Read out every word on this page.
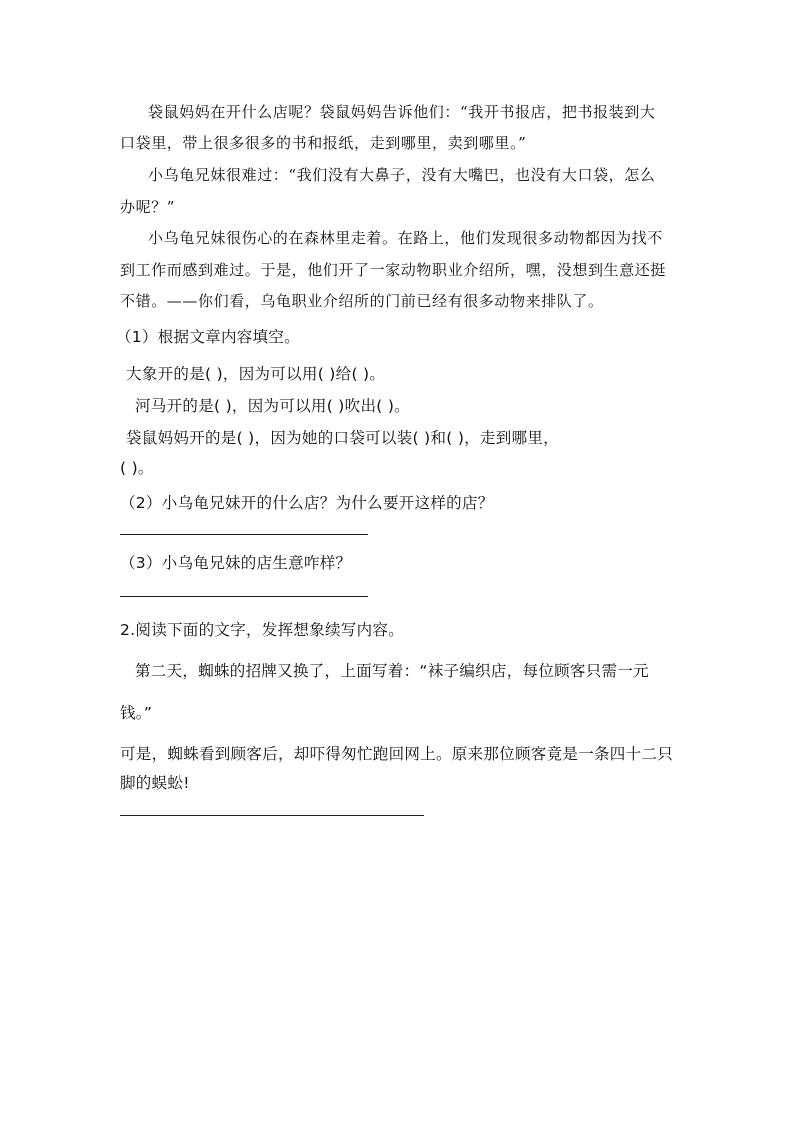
袋鼠妈妈在开什么店呢？袋鼠妈妈告诉他们：“我开书报店，把书报装到大

口袋里，带上很多很多的书和报纸，走到哪里，卖到哪里。”

小乌龟兄妹很难过：“我们没有大鼻子，没有大嘴巴，也没有大口袋，怎么

办呢？”

小乌龟兄妹很伤心的在森林里走着。在路上，他们发现很多动物都因为找不

到工作而感到难过。于是，他们开了一家动物职业介绍所，嘿，没想到生意还挺

不错。——你们看，乌龟职业介绍所的门前已经有很多动物来排队了。

（1）根据文章内容填空。

大象开的是( )，因为可以用( )给( )。

河马开的是( )，因为可以用( )吹出( )。

袋鼠妈妈开的是( )，因为她的口袋可以装( )和( )，走到哪里，

( )。

（2）小乌龟兄妹开的什么店？为什么要开这样的店？

（3）小乌龟兄妹的店生意咋样？

2.阅读下面的文字，发挥想象续写内容。

第二天，蜘蛛的招牌又换了，上面写着：“袜子编织店，每位顾客只需一元

钱。”

可是，蜘蛛看到顾客后，却吓得匆忙跑回网上。原来那位顾客竟是一条四十二只

脚的蜈蚣!
